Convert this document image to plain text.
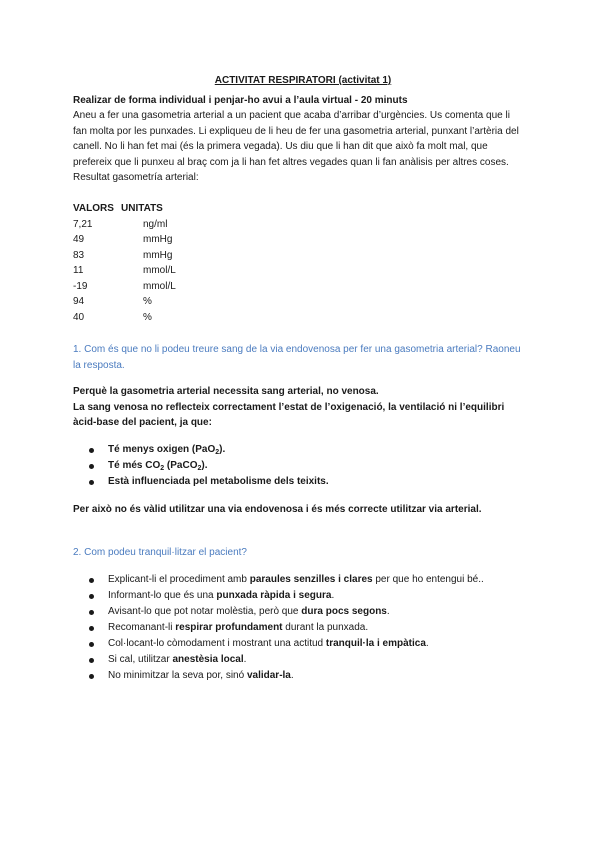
ACTIVITAT RESPIRATORI (activitat 1)
Realizar de forma individual i penjar-ho avui a l’aula virtual - 20 minuts
Aneu a fer una gasometria arterial a un pacient que acaba d’arribar d’urgències. Us comenta que li
fan molta por les punxades. Li expliqueu de li heu de fer una gasometria arterial, punxant l’artèria del
canell. No li han fet mai (és la primera vegada). Us diu que li han dit que això fa molt mal, que
prefereix que li punxeu al braç com ja li han fet altres vegades quan li fan anàlisis per altres coses.
Resultat gasometría arterial:
VALORS	UNITATS
7,21	ng/ml
49	mmHg
83	mmHg
11	mmol/L
-19	mmol/L
94	%
40	%
1. Com és que no li podeu treure sang de la via endovenosa per fer una gasometria arterial? Raoneu
la resposta.
Perquè la gasometria arterial necessita sang arterial, no venosa.
La sang venosa no reflecteix correctament l’estat de l’oxigenació, la ventilació ni l’equilibri
àcid-base del pacient, ja que:
Té menys oxigen (PaO$_2$).
Té més $CO_2$ (PaCO$_2$).
Està influenciada pel metabolisme dels teixits.
Per això no és vàlid utilitzar una via endovenosa i és més correcte utilitzar via arterial.
2. Com podeu tranquil·litzar el pacient?
Explicant-li el procediment amb paraules senzilles i clares per que ho entengui bé..
Informant-lo que és una punxada ràpida i segura.
Avisant-lo que pot notar molèstia, però que dura pocs segons.
Recomanant-li respirar profundament durant la punxada.
Col·locant-lo còmodament i mostrant una actitud tranquil·la i empàtica.
Si cal, utilitzar anestèsia local.
No minimitzar la seva por, sinó validar-la.
